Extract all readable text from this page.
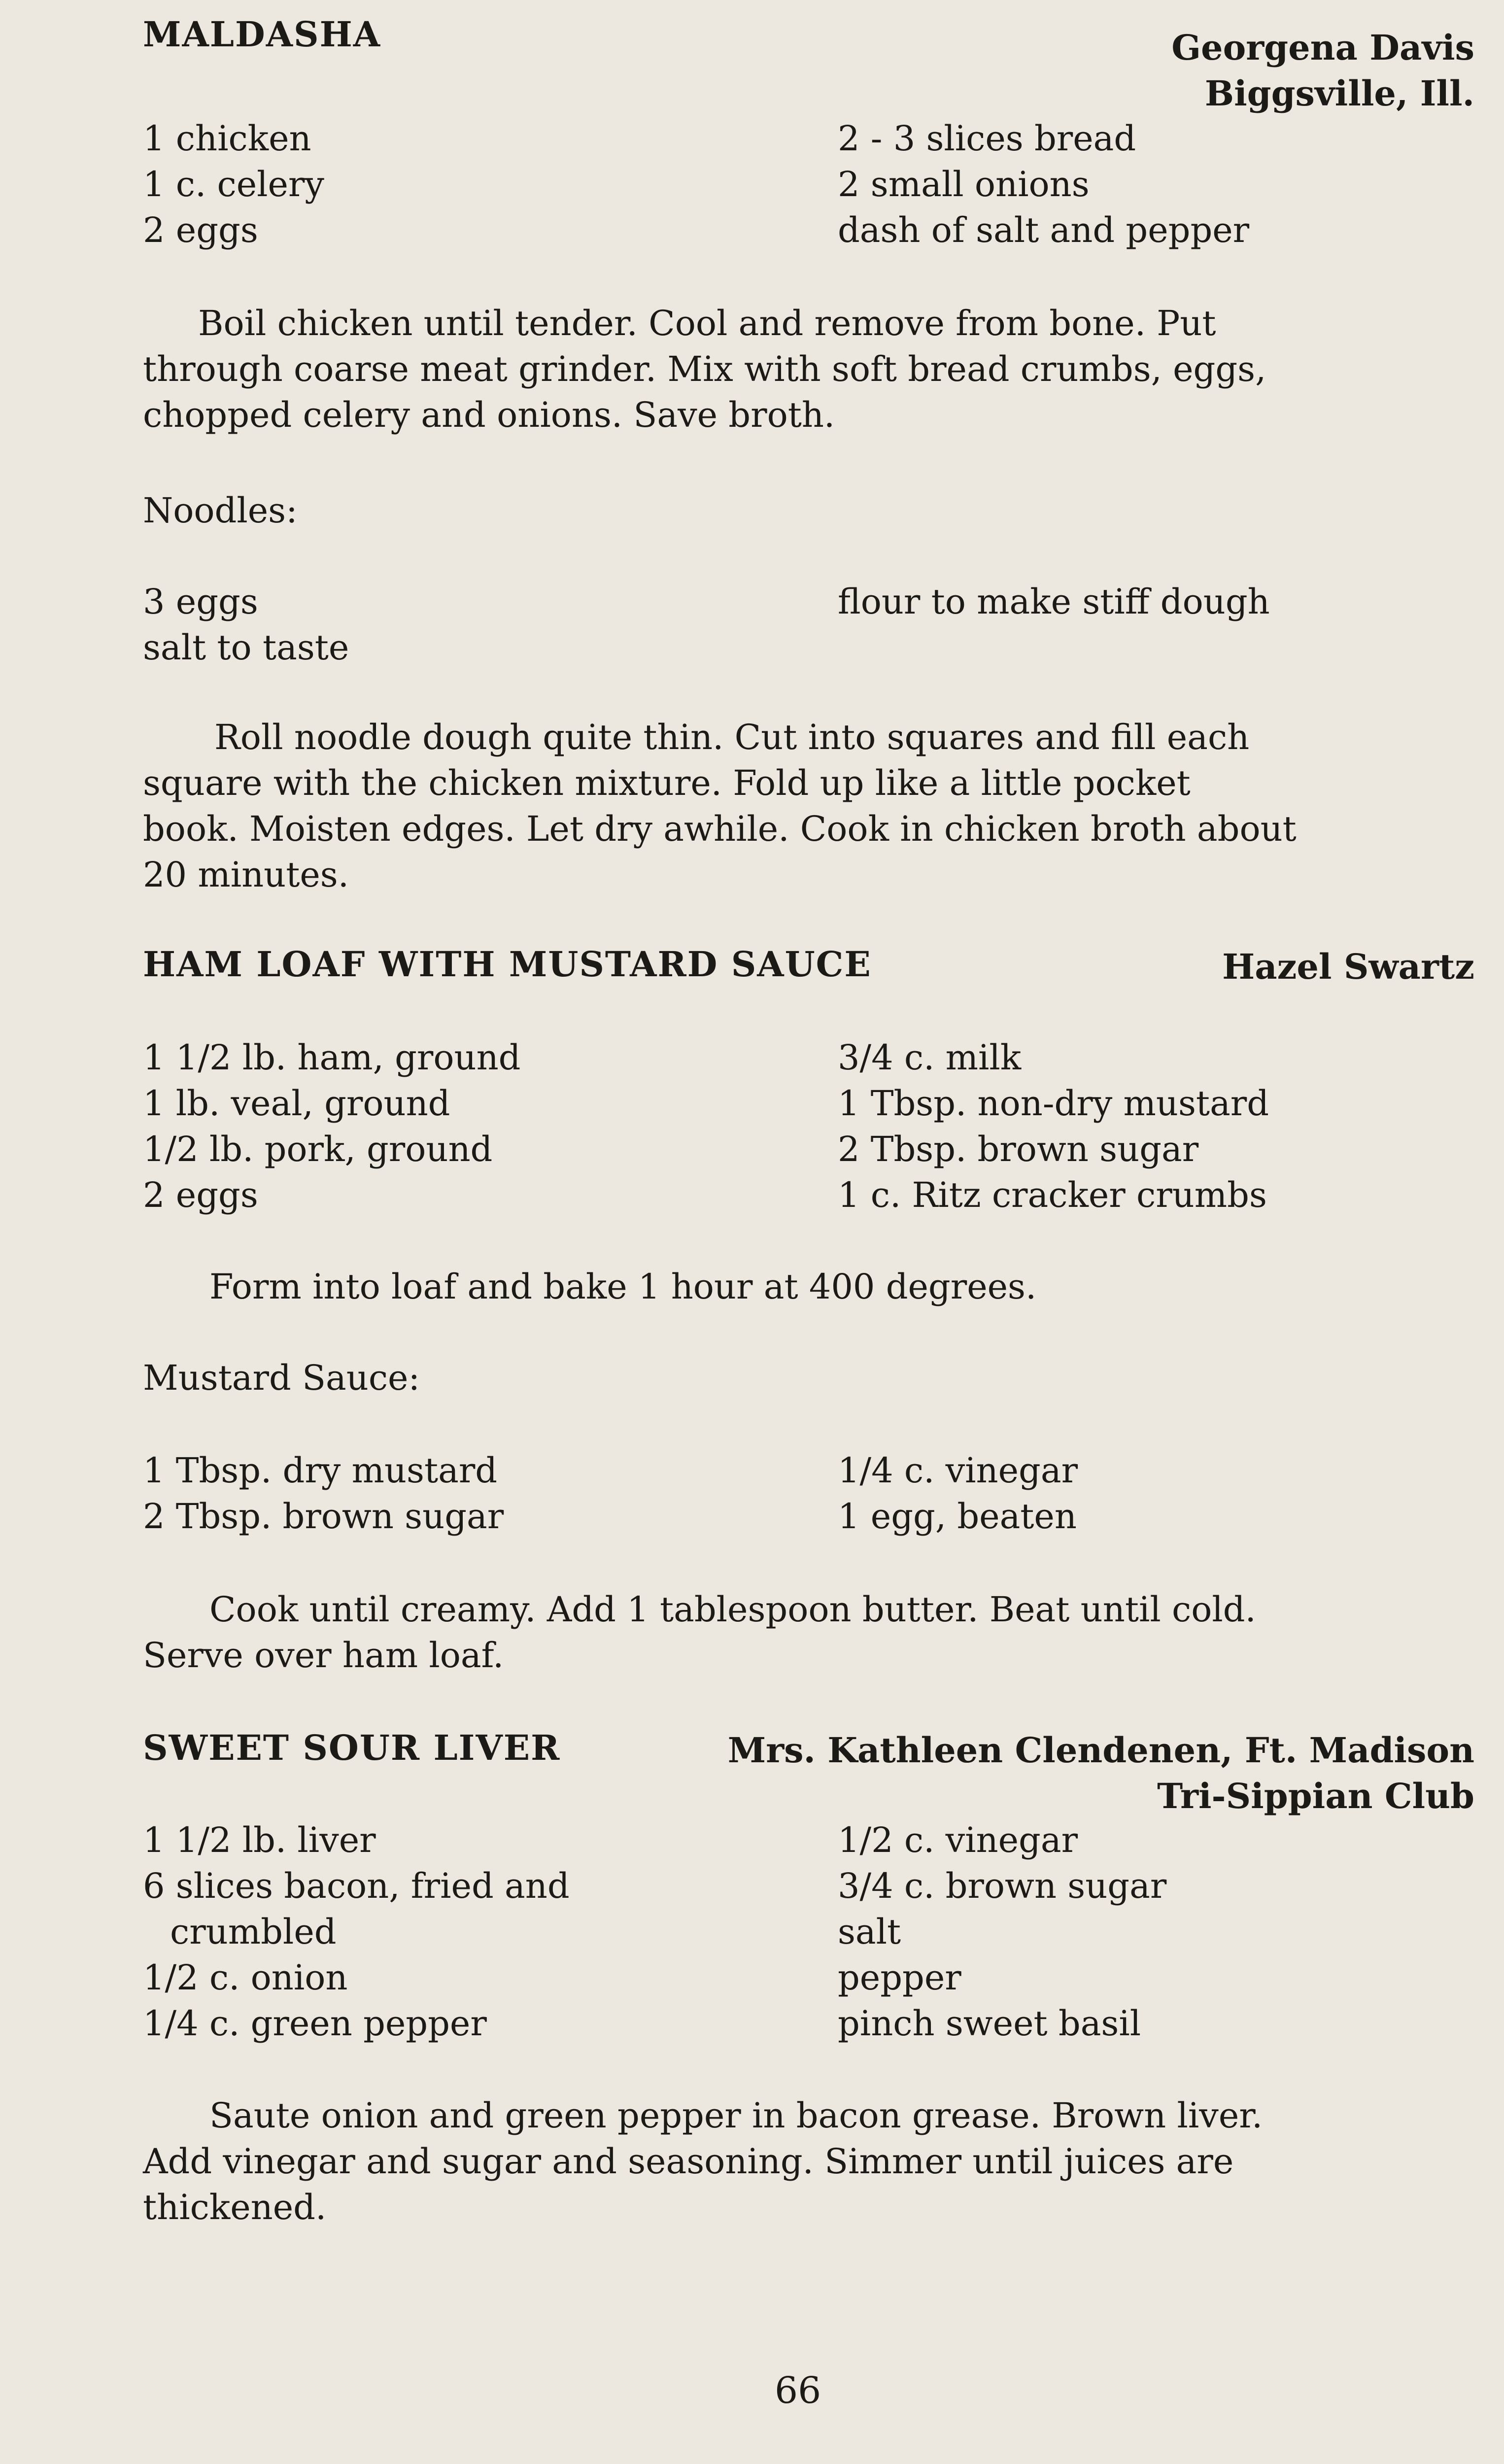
MALDASHA	Georgena Davis
Biggsville, Ill.
1 chicken
1 c. celery
2 eggs
2 - 3 slices bread
2 small onions
dash of salt and pepper
Boil chicken until tender. Cool and remove from bone. Put
through coarse meat grinder. Mix with soft bread crumbs, eggs,
chopped celery and onions. Save broth.
Noodles:
3 eggs
salt to taste
flour to make stiff dough
Roll noodle dough quite thin. Cut into squares and fill each
square with the chicken mixture. Fold up like a little pocket
book. Moisten edges. Let dry awhile. Cook in chicken broth about
20 minutes.
HAM LOAF WITH MUSTARD SAUCE	Hazel Swartz
1 1/2 lb. ham, ground
1 lb. veal, ground
1/2 lb. pork, ground
2 eggs
3/4 c. milk
1 Tbsp. non-dry mustard
2 Tbsp. brown sugar
1 c. Ritz cracker crumbs
Form into loaf and bake 1 hour at 400 degrees.
Mustard Sauce:
1 Tbsp. dry mustard
2 Tbsp. brown sugar
1/4 c. vinegar
1 egg, beaten
Cook until creamy. Add 1 tablespoon butter. Beat until cold.
Serve over ham loaf.
SWEET SOUR LIVER	Mrs. Kathleen Clendenen, Ft. Madison
Tri-Sippian Club
1 1/2 lb. liver
6 slices bacon, fried and
crumbled
1/2 c. onion
1/4 c. green pepper
1/2 c. vinegar
3/4 c. brown sugar
salt
pepper
pinch sweet basil
Saute onion and green pepper in bacon grease. Brown liver.
Add vinegar and sugar and seasoning. Simmer until juices are
thickened.
66
